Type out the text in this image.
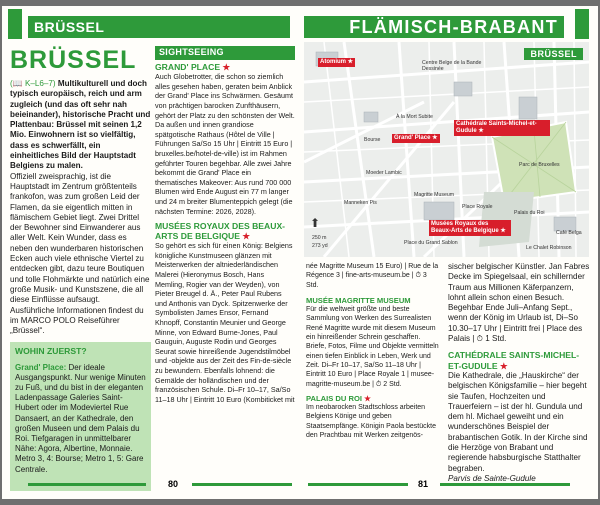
BRÜSSEL
BRÜSSEL

(📖 K–L6–7) Multikulturell und doch typisch europäisch, reich und arm zugleich (und das oft sehr nah beieinander), historische Pracht und Plattenbau: Brüssel mit seinen 1,2 Mio. Einwohnern ist so vielfältig, dass es schwerfällt, ein einheitliches Bild der Hauptstadt Belgiens zu malen.

Offiziell zweisprachig, ist die Hauptstadt im Zentrum größtenteils frankofon, was zum großen Leid der Flamen, da sie eigentlich mitten in flämischem Gebiet liegt. Zwei Drittel der Bewohner sind Einwanderer aus aller Welt. Kein Wunder, dass es neben den wunderbaren historischen Ecken auch viele ethnische Viertel zu entdecken gibt, dazu teure Boutiquen und tolle Flohmärkte und natürlich eine große Musik- und Kunstszene, die all diese Einflüsse aufsaugt.

Ausführliche Informationen findest du im MARCO POLO Reiseführer „Brüssel“.

WOHIN ZUERST?
Grand' Place: Der ideale Ausgangspunkt. Nur wenige Minuten zu Fuß, und du bist in der eleganten Ladenpassage Galeries Saint-Hubert oder im Modeviertel Rue Dansaert, an der Kathedrale, den großen Museen und dem Palais du Roi. Tiefgaragen in unmittelbarer Nähe: Agora, Albertine, Monnaie. Metro 3, 4: Bourse; Metro 1, 5: Gare Centrale.
SIGHTSEEING
GRAND' PLACE ★

Auch Globetrotter, die schon so ziemlich alles gesehen haben, geraten beim Anblick der Grand' Place ins Schwärmen. Gesäumt von prächtigen barocken Zunfthäusern, gehört der Platz zu den schönsten der Welt. Da außen und innen grandiose spätgotische Rathaus (Hôtel de Ville | Führungen Sa/So 15 Uhr | Eintritt 15 Euro | bruxelles.be/hotel-de-ville) ist im Rahmen geführter Touren begehbar. Alle zwei Jahre bekommt die Grand' Place ein thematisches Makeover: Aus rund 700 000 Blumen wird Ende August ein 77 m langer und 24 m breiter Blumenteppich gelegt (die nächsten Termine: 2026, 2028).

MUSÉES ROYAUX DES BEAUX-ARTS DE BELGIQUE ★

So gehört es sich für einen König: Belgiens königliche Kunstmuseen glänzen mit Meisterwerken der altniederländischen Malerei (Hieronymus Bosch, Hans Memling, Rogier van der Weyden), von Pieter Breugel d. Ä., Peter Paul Rubens und Anthonis van Dyck. Spitzenwerke der Symbolisten James Ensor, Fernand Khnopff, Constantin Meunier und George Minne, von Edward Burne-Jones, Paul Gauguin, Auguste Rodin und Georges Seurat sowie hinreißende Jugendstilmöbel und -objekte aus der Zeit des Fin-de-siècle zu bewundern. Ebenfalls lohnend: die Gemälde der holländischen und der französischen Schule. Di–Fr 10–17, Sa/So 11–18 Uhr | Eintritt 10 Euro (Kombiticket mit

80
FLÄMISCH-BRABANT
BRÜSSEL
Atomium ★	Centre Belge de la Bande Dessinée
À la Mort Subite
Bourse	Grand' Place ★
Cathédrale Saints-Michel-et-Gudule ★
Parc de Bruxelles
Moeder Lambic
Manneken Pis
Place Royale
Magritte Museum
Place du Grand Sablon
Palais du Roi
Café Belga
Le Chalet Robinson
Musées Royaux des Beaux-Arts de Belgique ★
250 m
273 yd
⬆

née Magritte Museum 15 Euro) | Rue de la Régence 3 | fine-arts-museum.be | ⏱ 3 Std.

MUSÉE MAGRITTE MUSEUM

Für die weltweit größte und beste Sammlung von Werken des Surrealisten René Magritte wurde mit diesem Museum ein hinreißender Schrein geschaffen. Briefe, Fotos, Filme und Objekte vermitteln einen tiefen Einblick in Leben, Werk und Zeit. Di–Fr 10–17, Sa/So 11–18 Uhr | Eintritt 10 Euro | Place Royale 1 | musee-magritte-museum.be | ⏱ 2 Std.

PALAIS DU ROI ★

Im neobarocken Stadtschloss arbeiten Belgiens Könige und geben Staatsempfänge. Königin Paola bestückte den Prachtbau mit Werken zeitgenös-

sischer belgischer Künstler. Jan Fabres Decke im Spiegelsaal, ein schillernder Traum aus Millionen Käferpanzern, lohnt allein schon einen Besuch. Begehbar Ende Juli–Anfang Sept., wenn der König im Urlaub ist, Di–So 10.30–17 Uhr | Eintritt frei | Place des Palais | ⏱ 1 Std.

CATHÉDRALE SAINTS-MICHEL-ET-GUDULE ★

Die Kathedrale, die „Hauskirche“ der belgischen Königsfamilie – hier begeht sie Taufen, Hochzeiten und Trauerfeiern – ist der hl. Gundula und dem hl. Michael geweiht und ein wunderschönes Beispiel der brabantischen Gotik. In der Kirche sind die Herzöge von Brabant und regierende habsburgische Statthalter begraben.

Parvis de Sainte-Gudule

81
